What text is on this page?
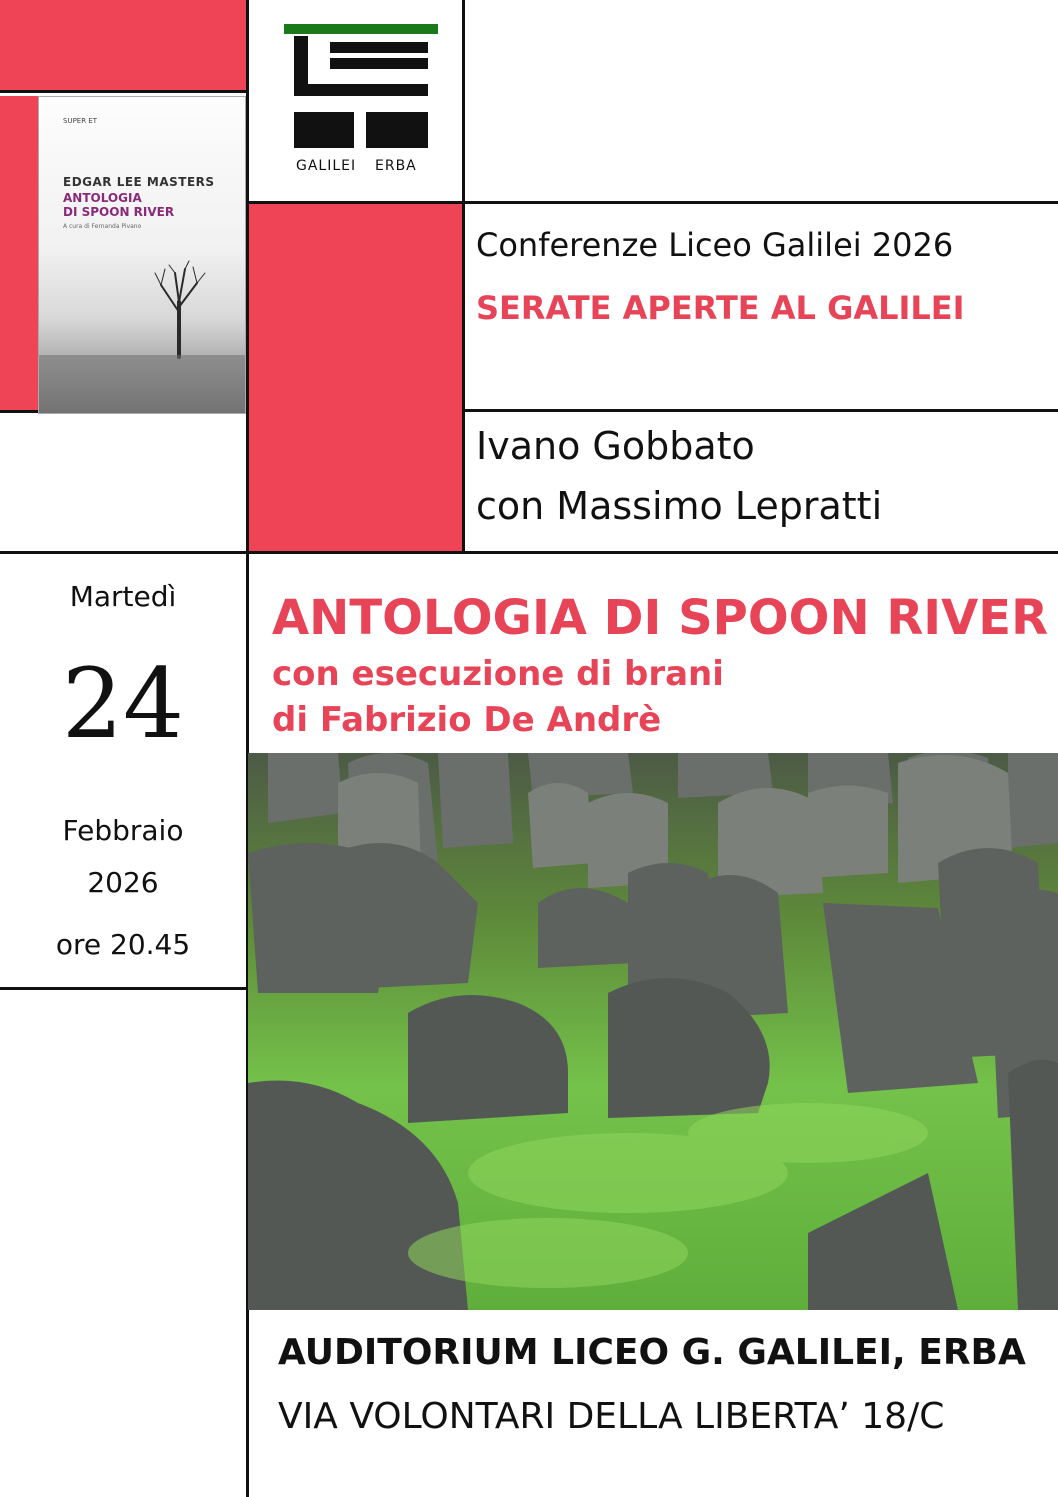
SUPER ET
EDGAR LEE MASTERS
ANTOLOGIA
DI SPOON RIVER
A cura di Fernanda Pivano
GALILEI ERBA
Conferenze Liceo Galilei 2026
SERATE APERTE AL GALILEI
Ivano Gobbato
con Massimo Lepratti
Martedì
24
Febbraio
2026
ore 20.45
ANTOLOGIA DI SPOON RIVER
con esecuzione di brani
di Fabrizio De Andrè
AUDITORIUM LICEO G. GALILEI, ERBA
VIA VOLONTARI DELLA LIBERTA’ 18/C
